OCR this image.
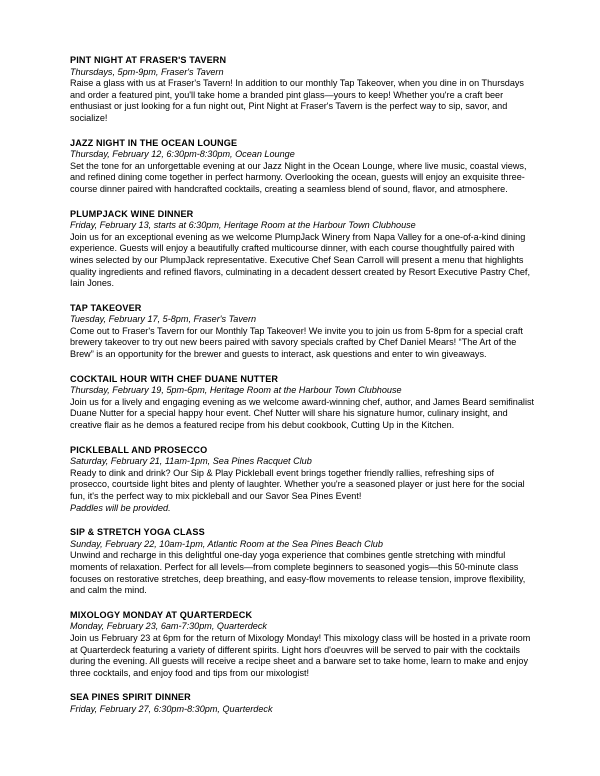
PINT NIGHT AT FRASER'S TAVERN

Thursdays, 5pm-9pm, Fraser's Tavern

Raise a glass with us at Fraser's Tavern! In addition to our monthly Tap Takeover, when you dine in on Thursdays and order a featured pint, you'll take home a branded pint glass—yours to keep! Whether you're a craft beer enthusiast or just looking for a fun night out, Pint Night at Fraser's Tavern is the perfect way to sip, savor, and socialize!

JAZZ NIGHT IN THE OCEAN LOUNGE

Thursday, February 12, 6:30pm-8:30pm, Ocean Lounge

Set the tone for an unforgettable evening at our Jazz Night in the Ocean Lounge, where live music, coastal views, and refined dining come together in perfect harmony. Overlooking the ocean, guests will enjoy an exquisite three-course dinner paired with handcrafted cocktails, creating a seamless blend of sound, flavor, and atmosphere.

PLUMPJACK WINE DINNER

Friday, February 13, starts at 6:30pm, Heritage Room at the Harbour Town Clubhouse

Join us for an exceptional evening as we welcome PlumpJack Winery from Napa Valley for a one-of-a-kind dining experience. Guests will enjoy a beautifully crafted multicourse dinner, with each course thoughtfully paired with wines selected by our PlumpJack representative. Executive Chef Sean Carroll will present a menu that highlights quality ingredients and refined flavors, culminating in a decadent dessert created by Resort Executive Pastry Chef, Iain Jones.

TAP TAKEOVER

Tuesday, February 17, 5-8pm, Fraser's Tavern

Come out to Fraser's Tavern for our Monthly Tap Takeover! We invite you to join us from 5-8pm for a special craft brewery takeover to try out new beers paired with savory specials crafted by Chef Daniel Mears! “The Art of the Brew” is an opportunity for the brewer and guests to interact, ask questions and enter to win giveaways.

COCKTAIL HOUR WITH CHEF DUANE NUTTER

Thursday, February 19, 5pm-6pm, Heritage Room at the Harbour Town Clubhouse

Join us for a lively and engaging evening as we welcome award-winning chef, author, and James Beard semifinalist Duane Nutter for a special happy hour event. Chef Nutter will share his signature humor, culinary insight, and creative flair as he demos a featured recipe from his debut cookbook, Cutting Up in the Kitchen.

PICKLEBALL AND PROSECCO

Saturday, February 21, 11am-1pm, Sea Pines Racquet Club

Ready to dink and drink? Our Sip & Play Pickleball event brings together friendly rallies, refreshing sips of prosecco, courtside light bites and plenty of laughter. Whether you're a seasoned player or just here for the social fun, it's the perfect way to mix pickleball and our Savor Sea Pines Event!

Paddles will be provided.

SIP & STRETCH YOGA CLASS

Sunday, February 22, 10am-1pm, Atlantic Room at the Sea Pines Beach Club

Unwind and recharge in this delightful one-day yoga experience that combines gentle stretching with mindful moments of relaxation. Perfect for all levels—from complete beginners to seasoned yogis—this 50-minute class focuses on restorative stretches, deep breathing, and easy-flow movements to release tension, improve flexibility, and calm the mind.

MIXOLOGY MONDAY AT QUARTERDECK

Monday, February 23, 6am-7:30pm, Quarterdeck

Join us February 23 at 6pm for the return of Mixology Monday! This mixology class will be hosted in a private room at Quarterdeck featuring a variety of different spirits. Light hors d'oeuvres will be served to pair with the cocktails during the evening. All guests will receive a recipe sheet and a barware set to take home, learn to make and enjoy three cocktails, and enjoy food and tips from our mixologist!

SEA PINES SPIRIT DINNER

Friday, February 27, 6:30pm-8:30pm, Quarterdeck
